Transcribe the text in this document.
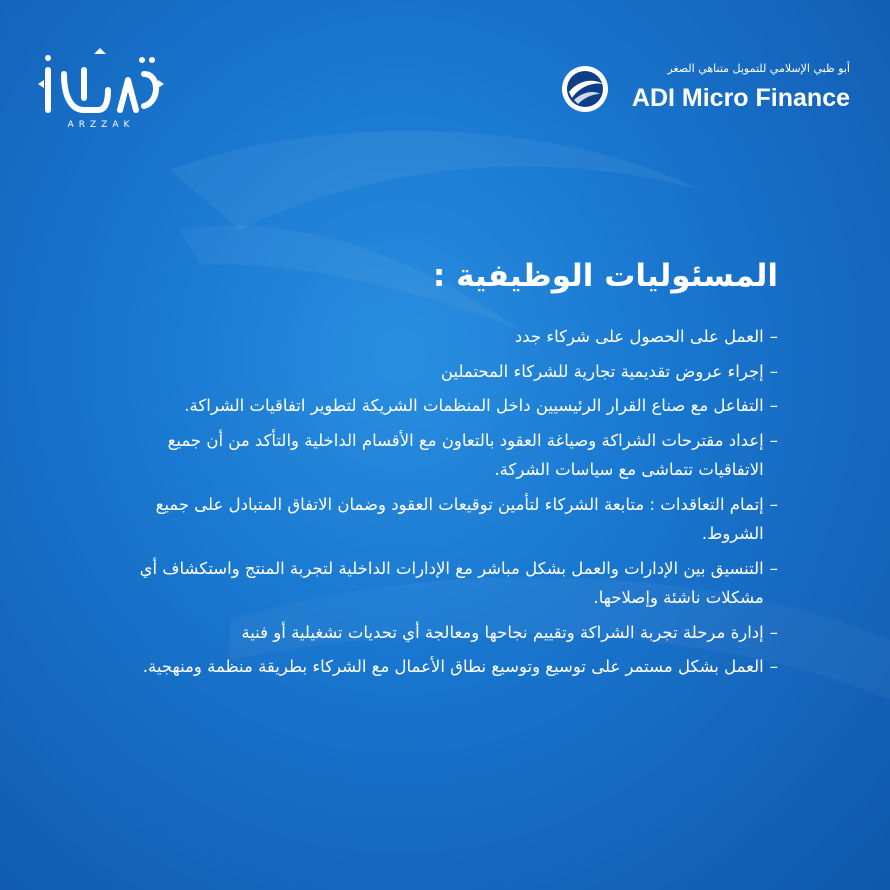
ARZZAK
أبو ظبي الإسلامي للتمويل متناهي الصغر
ADI Micro Finance
المسئوليات الوظيفية :
–
العمل على الحصول على شركاء جدد
–
إجراء عروض تقديمية تجارية للشركاء المحتملين
–
التفاعل مع صناع القرار الرئيسيين داخل المنظمات الشريكة لتطوير اتفاقيات الشراكة.
–
إعداد مقترحات الشراكة وصياغة العقود بالتعاون مع الأقسام الداخلية والتأكد من أن جميع الاتفاقيات تتماشى مع سياسات الشركة.
–
إتمام التعاقدات : متابعة الشركاء لتأمين توقيعات العقود وضمان الاتفاق المتبادل على جميع الشروط.
–
التنسيق بين الإدارات والعمل بشكل مباشر مع الإدارات الداخلية لتجربة المنتج واستكشاف أي مشكلات ناشئة وإصلاحها.
–
إدارة مرحلة تجربة الشراكة وتقييم نجاحها ومعالجة أي تحديات تشغيلية أو فنية
–
العمل بشكل مستمر على توسيع وتوسيع نطاق الأعمال مع الشركاء بطريقة منظمة ومنهجية.
